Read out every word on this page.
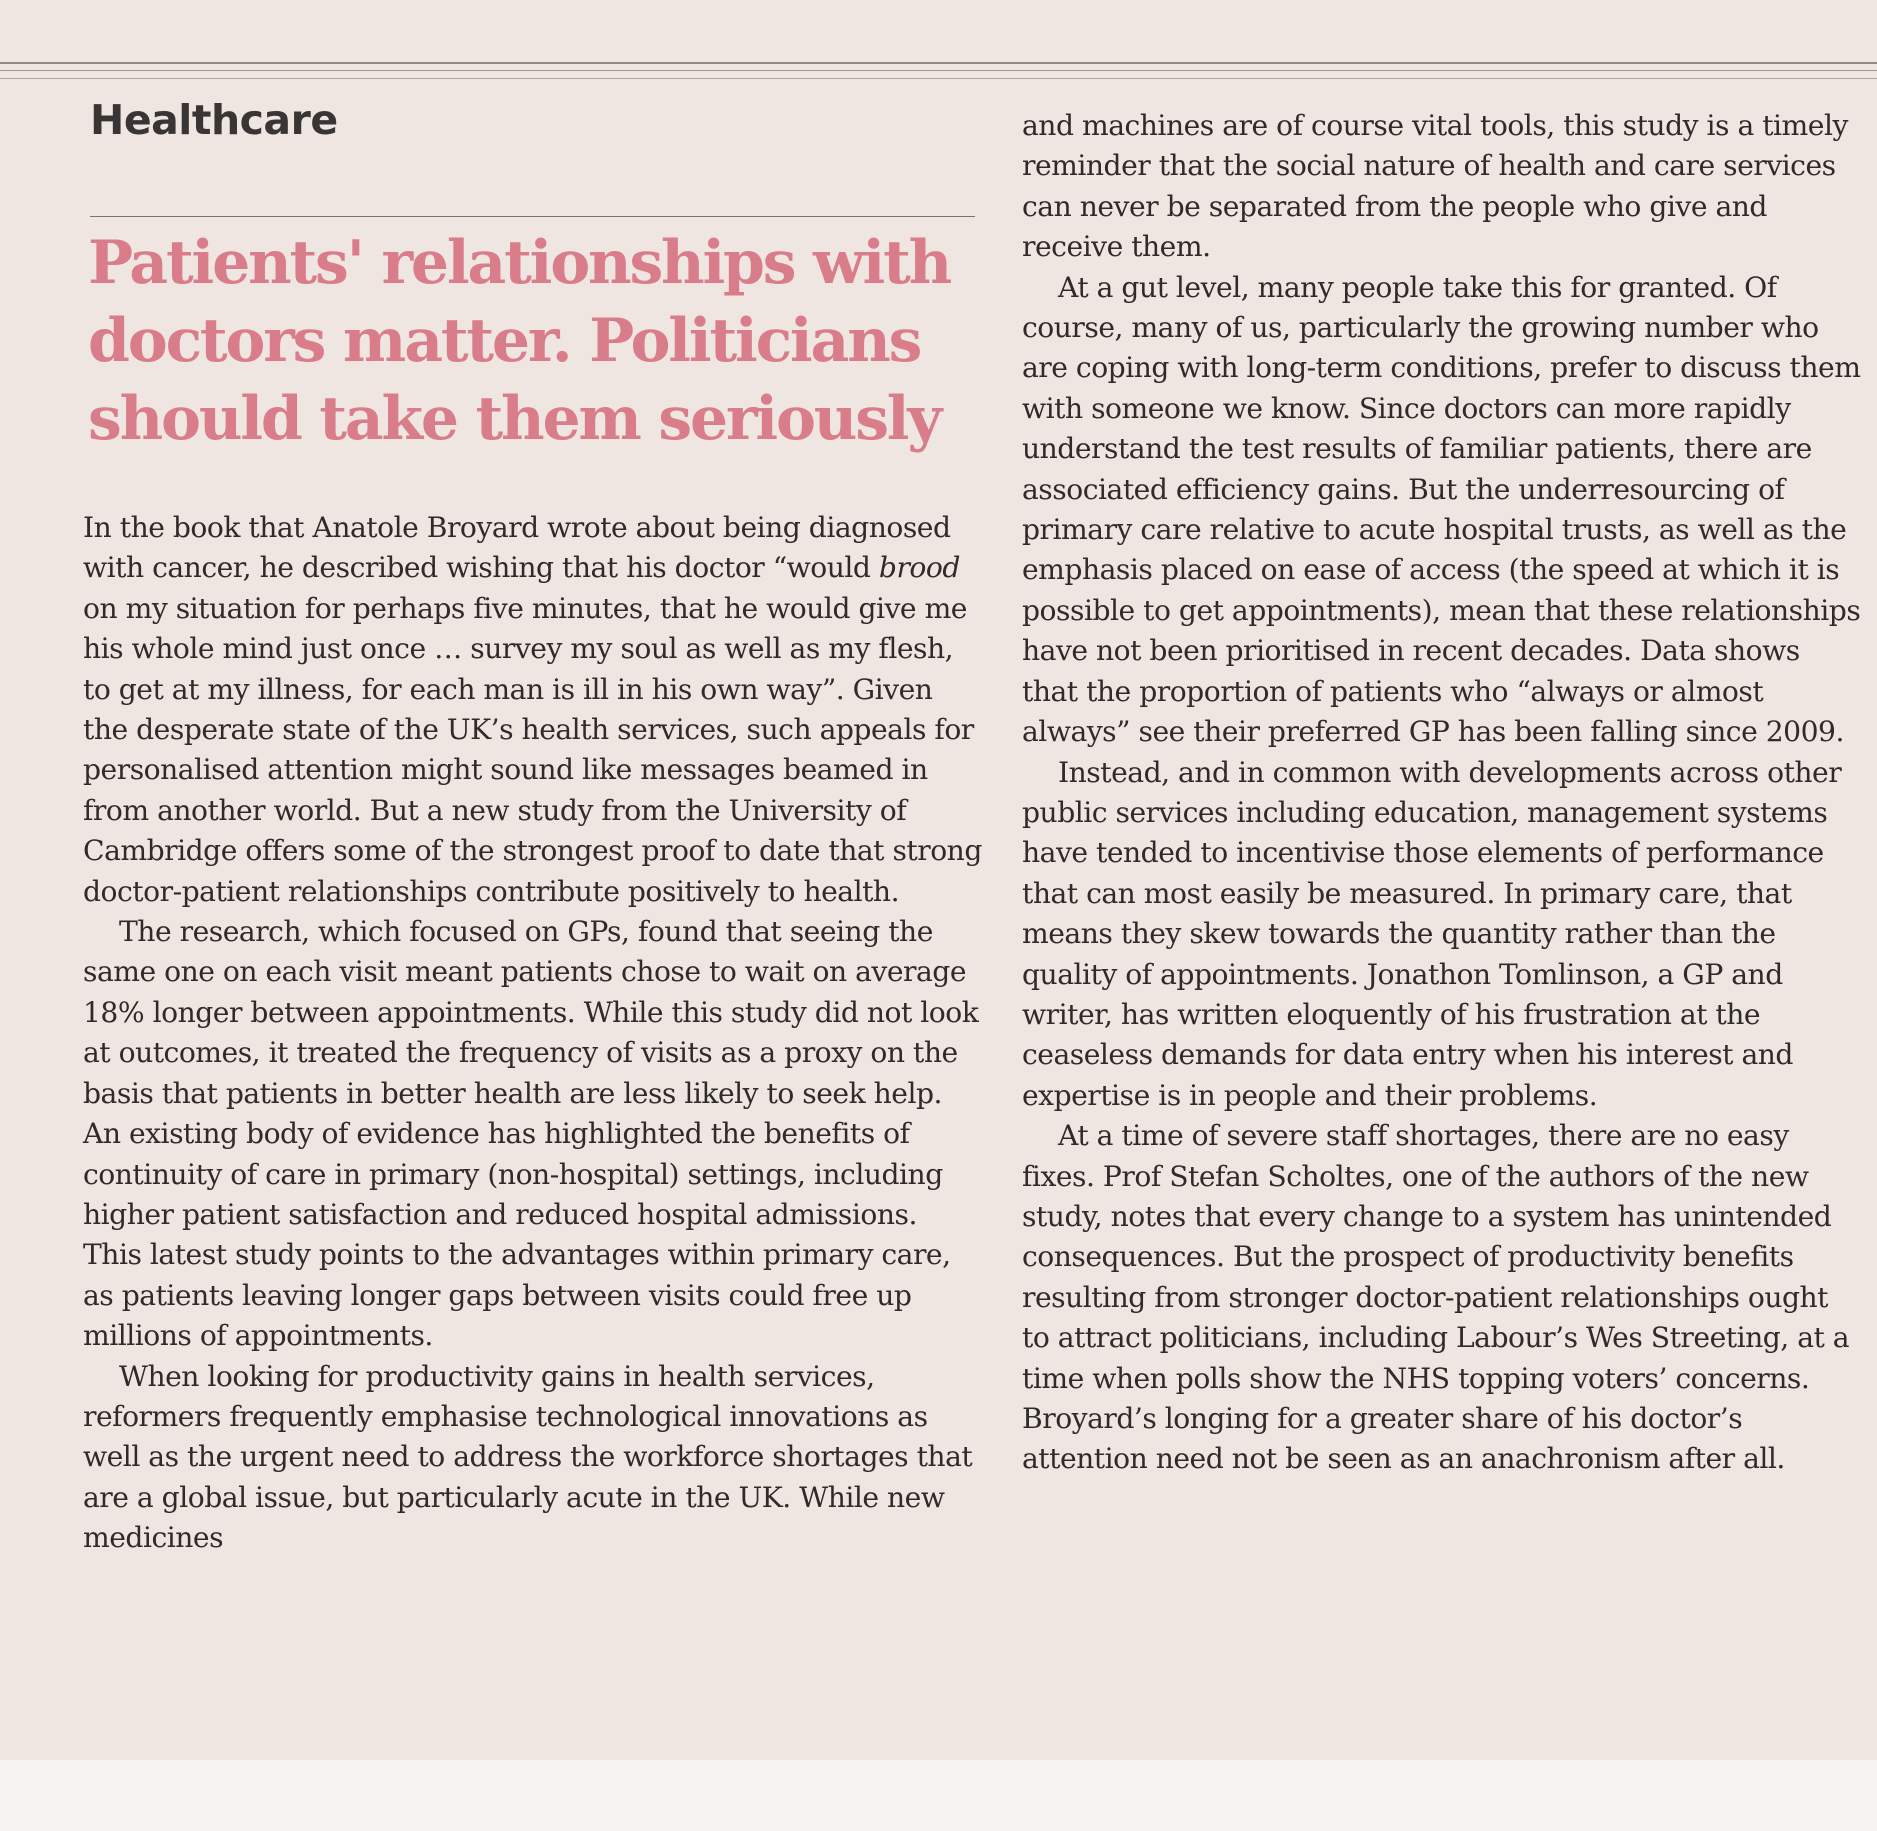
Healthcare
Patients' relationships with doctors matter. Politicians should take them seriously

In the book that Anatole Broyard wrote about being diagnosed with cancer, he described wishing that his doctor “would brood on my situation for perhaps five minutes, that he would give me his whole mind just once … survey my soul as well as my flesh, to get at my illness, for each man is ill in his own way”. Given the desperate state of the UK’s health services, such appeals for personalised attention might sound like messages beamed in from another world. But a new study from the University of Cambridge offers some of the strongest proof to date that strong doctor-patient relationships contribute positively to health.

The research, which focused on GPs, found that seeing the same one on each visit meant patients chose to wait on average 18% longer between appointments. While this study did not look at outcomes, it treated the frequency of visits as a proxy on the basis that patients in better health are less likely to seek help. An existing body of evidence has highlighted the benefits of continuity of care in primary (non-hospital) settings, including higher patient satisfaction and reduced hospital admissions. This latest study points to the advantages within primary care, as patients leaving longer gaps between visits could free up millions of appointments.

When looking for productivity gains in health services, reformers frequently emphasise technological innovations as well as the urgent need to address the workforce shortages that are a global issue, but particularly acute in the UK. While new medicines

and machines are of course vital tools, this study is a timely reminder that the social nature of health and care services can never be separated from the people who give and receive them.

At a gut level, many people take this for granted. Of course, many of us, particularly the growing number who are coping with long-term conditions, prefer to discuss them with someone we know. Since doctors can more rapidly understand the test results of familiar patients, there are associated efficiency gains. But the underresourcing of primary care relative to acute hospital trusts, as well as the emphasis placed on ease of access (the speed at which it is possible to get appointments), mean that these relationships have not been prioritised in recent decades. Data shows that the proportion of patients who “always or almost always” see their preferred GP has been falling since 2009.

Instead, and in common with developments across other public services including education, management systems have tended to incentivise those elements of performance that can most easily be measured. In primary care, that means they skew towards the quantity rather than the quality of appointments. Jonathon Tomlinson, a GP and writer, has written eloquently of his frustration at the ceaseless demands for data entry when his interest and expertise is in people and their problems.

At a time of severe staff shortages, there are no easy fixes. Prof Stefan Scholtes, one of the authors of the new study, notes that every change to a system has unintended consequences. But the prospect of productivity benefits resulting from stronger doctor-patient relationships ought to attract politicians, including Labour’s Wes Streeting, at a time when polls show the NHS topping voters’ concerns. Broyard’s longing for a greater share of his doctor’s attention need not be seen as an anachronism after all.
